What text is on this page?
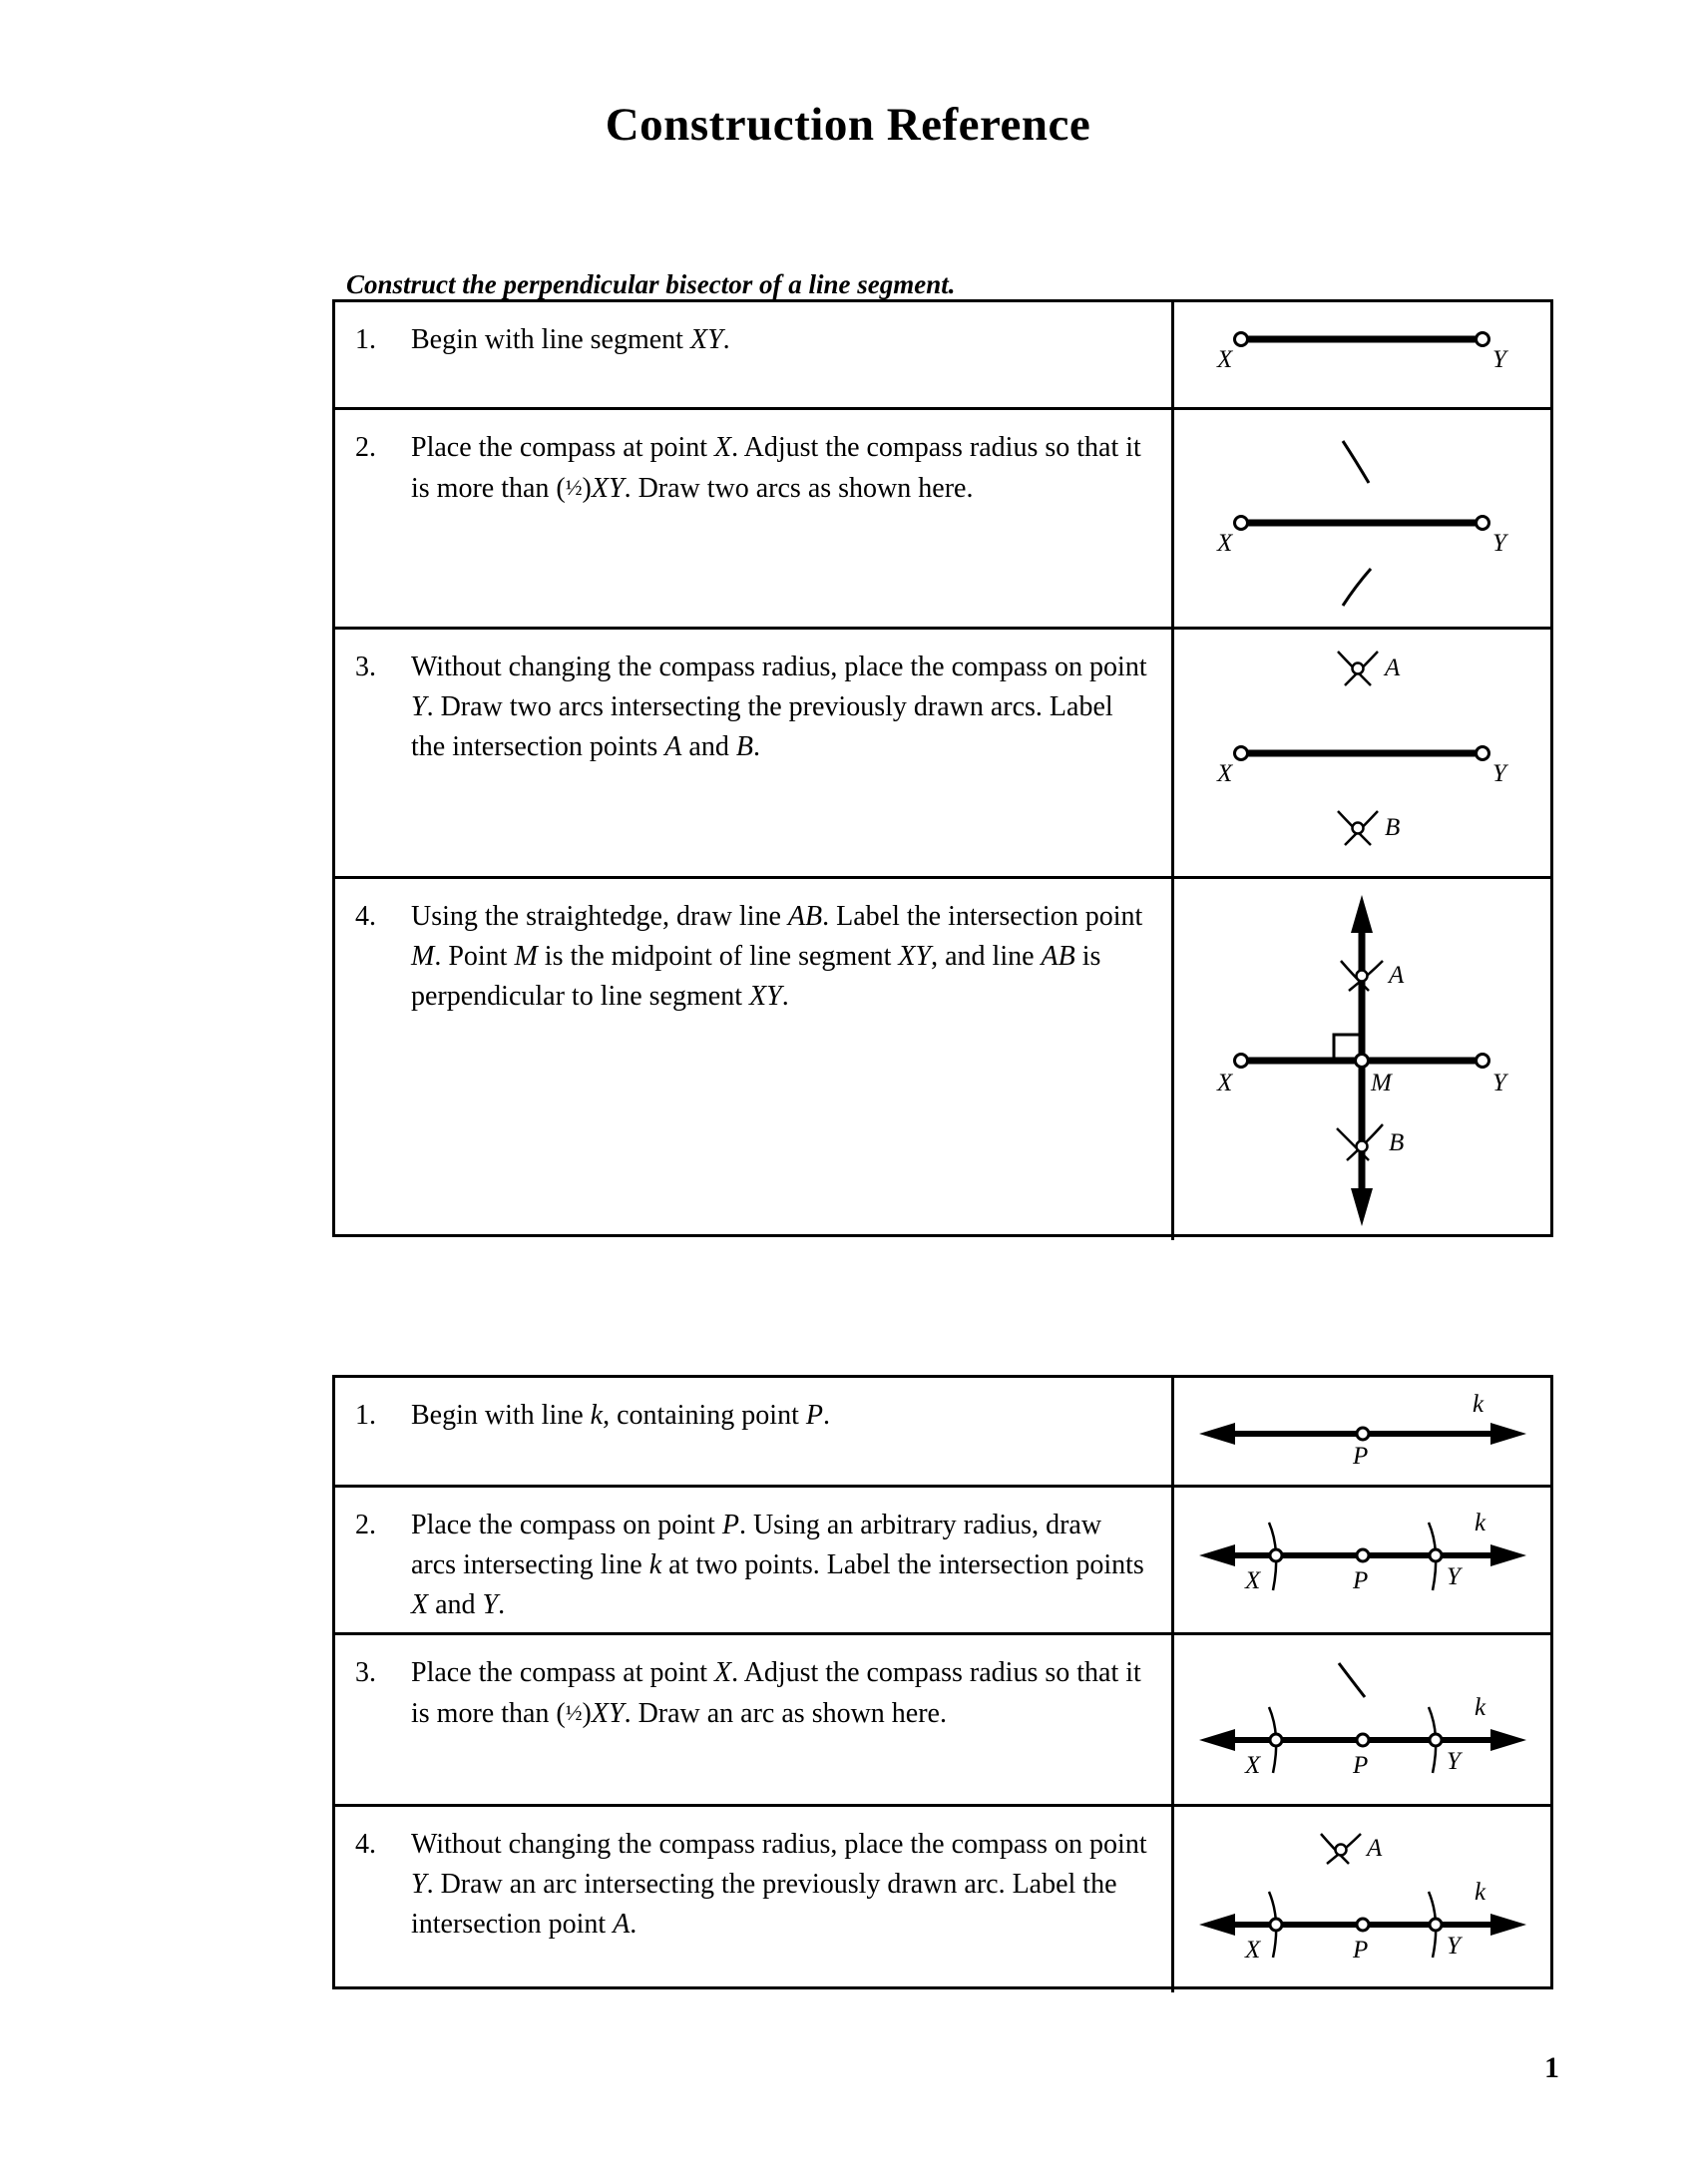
Construction Reference

Construct the perpendicular bisector of a line segment.

1.	Begin with line segment XY.
X	Y
2.	Place the compass at point X. Adjust the compass radius so that it is more than (½)XY. Draw two arcs as shown here.
X	Y
3.	Without changing the compass radius, place the compass on point Y. Draw two arcs intersecting the previously drawn arcs. Label the intersection points A and B.
A
X	Y
B
4.	Using the straightedge, draw line AB. Label the intersection point M. Point M is the midpoint of line segment XY, and line AB is perpendicular to line segment XY.
A
B
X	M	Y

1.	Begin with line k, containing point P.
P
k
2.	Place the compass on point P. Using an arbitrary radius, draw arcs intersecting line k at two points. Label the intersection points X and Y.
X	P	Y
k
3.	Place the compass at point X. Adjust the compass radius so that it is more than (½)XY. Draw an arc as shown here.
X	P	Y
k
4.	Without changing the compass radius, place the compass on point Y. Draw an arc intersecting the previously drawn arc. Label the intersection point A.
A
X	P	Y
k
1
